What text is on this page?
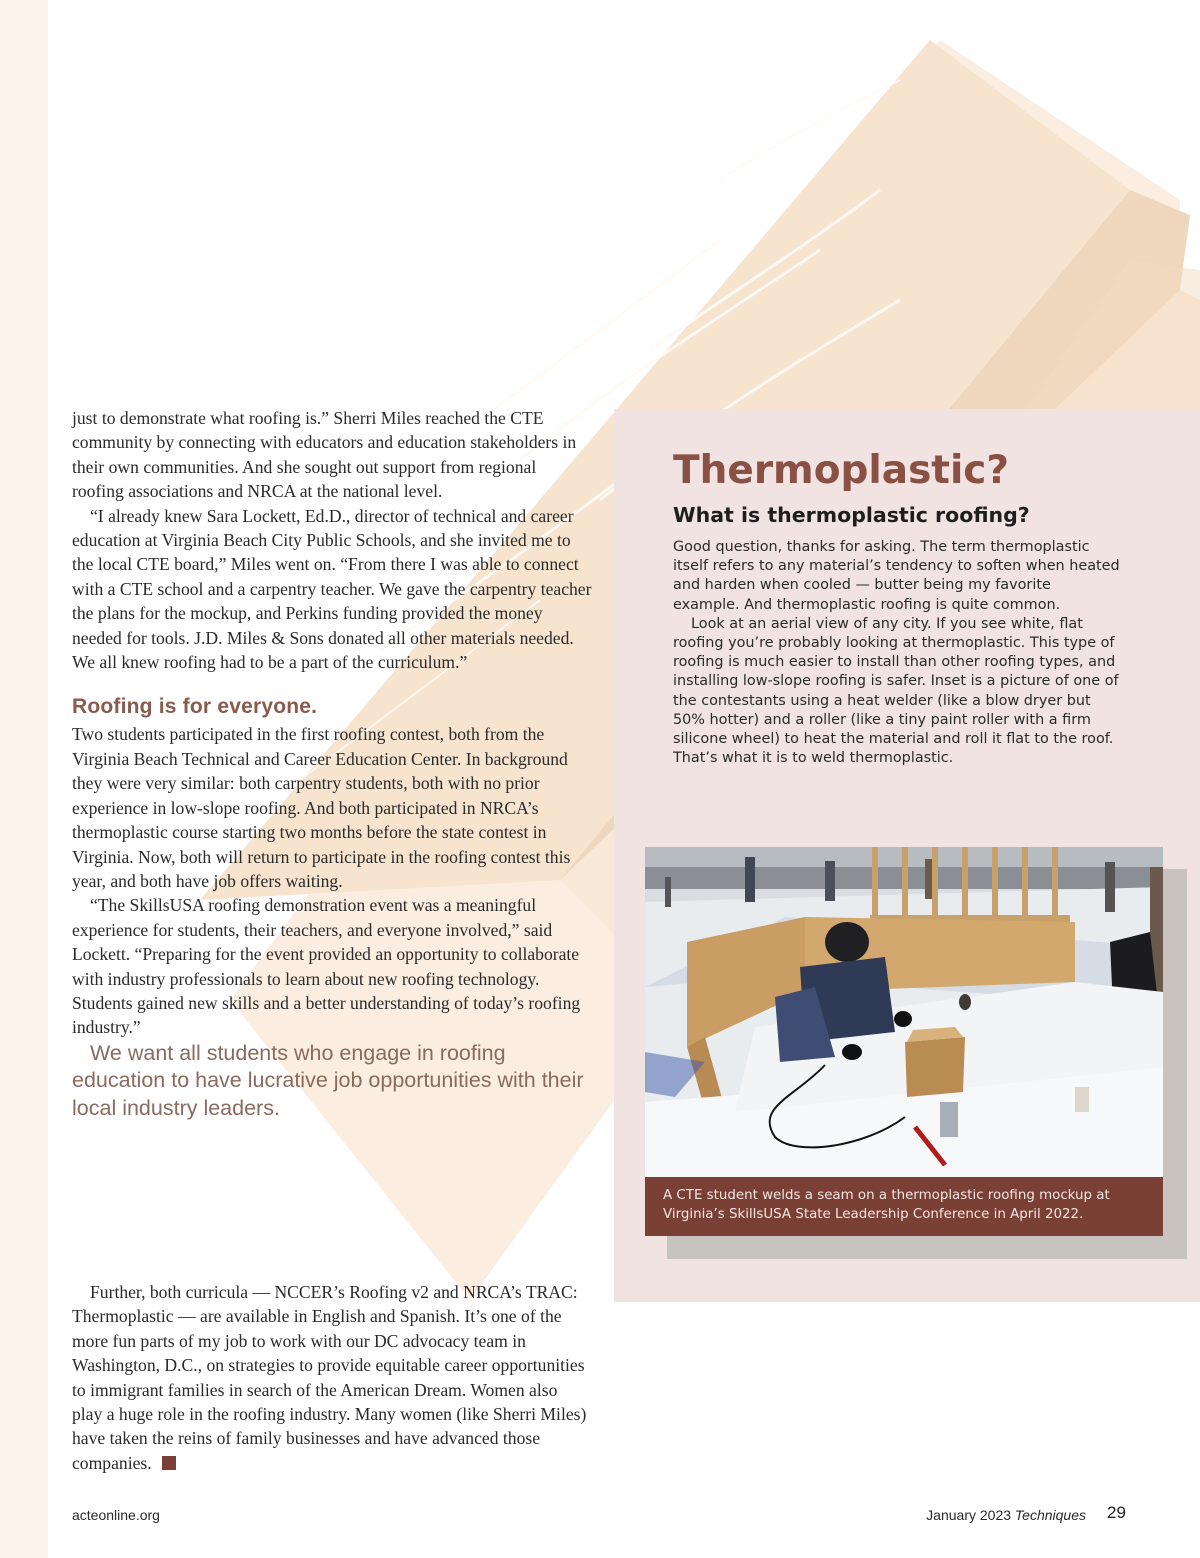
just to demonstrate what roofing is.” Sherri Miles reached the CTE community by connecting with educators and education stakeholders in their own communities. And she sought out support from regional roofing associations and NRCA at the national level.

“I already knew Sara Lockett, Ed.D., director of technical and career education at Virginia Beach City Public Schools, and she invited me to the local CTE board,” Miles went on. “From there I was able to connect with a CTE school and a carpentry teacher. We gave the carpentry teacher the plans for the mockup, and Perkins funding provided the money needed for tools. J.D. Miles & Sons donated all other materials needed. We all knew roofing had to be a part of the curriculum.”

Roofing is for everyone.

Two students participated in the first roofing contest, both from the Virginia Beach Technical and Career Education Center. In background they were very similar: both carpentry students, both with no prior experience in low-slope roofing. And both participated in NRCA’s thermoplastic course starting two months before the state contest in Virginia. Now, both will return to participate in the roofing contest this year, and both have job offers waiting.

“The SkillsUSA roofing demonstration event was a meaningful experience for students, their teachers, and everyone involved,” said Lockett. “Preparing for the event provided an opportunity to collaborate with industry professionals to learn about new roofing technology. Students gained new skills and a better understanding of today’s roofing industry.”

We want all students who engage in roofing education to have lucrative job opportunities with their local industry leaders.

Further, both curricula — NCCER’s Roofing v2 and NRCA’s TRAC: Thermoplastic — are available in English and Spanish. It’s one of the more fun parts of my job to work with our DC advocacy team in Washington, D.C., on strategies to provide equitable career opportunities to immigrant families in search of the American Dream. Women also play a huge role in the roofing industry. Many women (like Sherri Miles) have taken the reins of family businesses and have advanced those companies.

Thermoplastic?
What is thermoplastic roofing?

Good question, thanks for asking. The term thermoplastic itself refers to any material’s tendency to soften when heated and harden when cooled — butter being my favorite example. And thermoplastic roofing is quite common.

Look at an aerial view of any city. If you see white, flat roofing you’re probably looking at thermoplastic. This type of roofing is much easier to install than other roofing types, and installing low-slope roofing is safer. Inset is a picture of one of the contestants using a heat welder (like a blow dryer but 50% hotter) and a roller (like a tiny paint roller with a firm silicone wheel) to heat the material and roll it flat to the roof. That’s what it is to weld thermoplastic.

A CTE student welds a seam on a thermoplastic roofing mockup at Virginia’s SkillsUSA State Leadership Conference in April 2022.
acteonline.org	January 2023 Techniques 29
